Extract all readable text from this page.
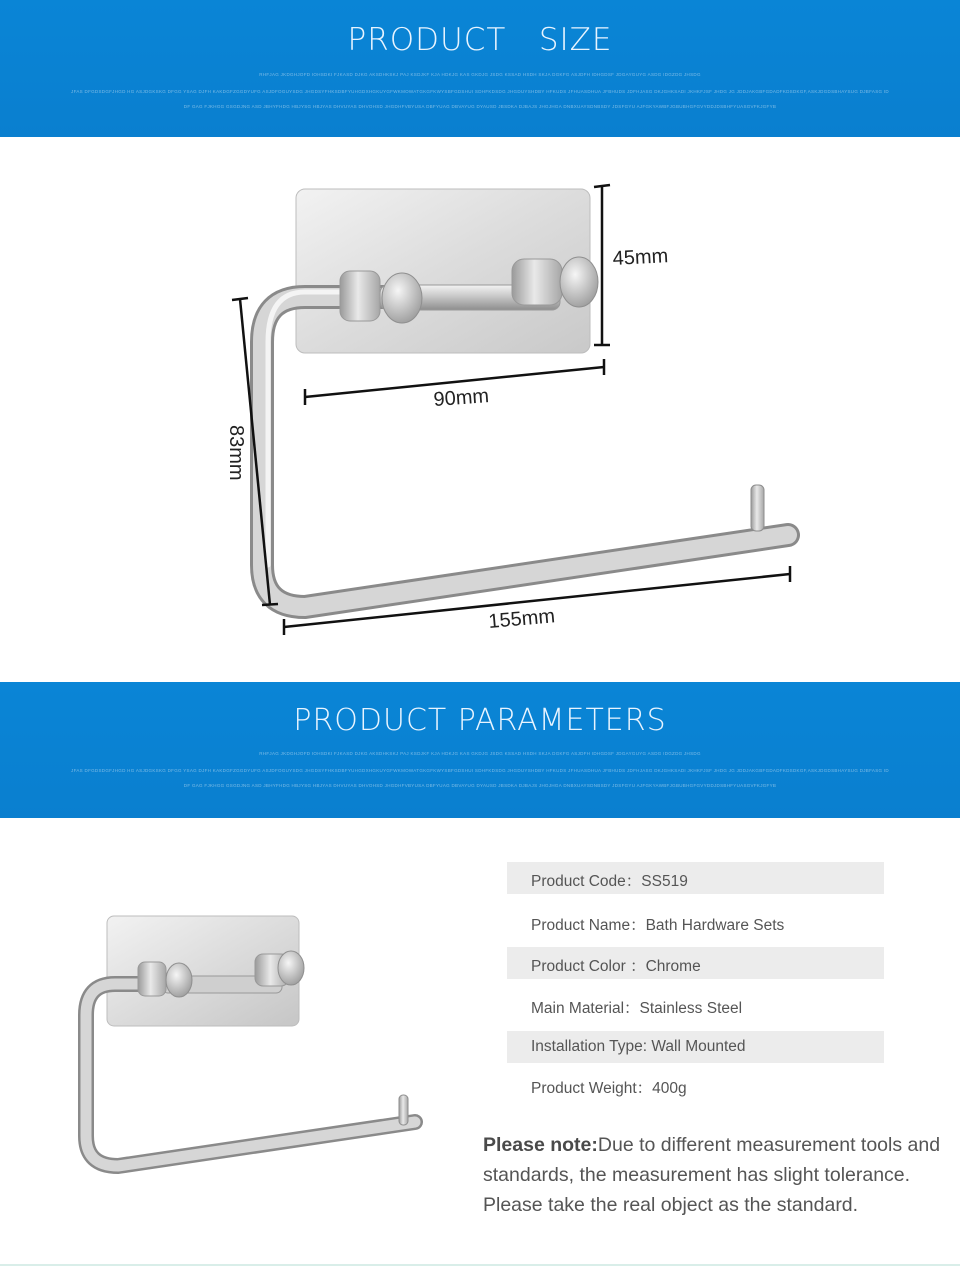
PRODUCT   SIZE
RHFJAG JKDGHJOFD IOHSDKI FJKASD DJKG AKSDHKSKJ PAJ KSDJKF KJA HDKJG KAS GKDJG JSDG KSSAD HSDH SKJA DGKFG ASJDFH IDHGDSF JDGAYGUYG ASDG IDGZDG JHSDG
JFAS DFGDSDGFJHGD HG ASJDGKSKG DFGG YSAG DJFH KAKDGFZGGDYUFG ASJDFOGUYSDG JHGDSYFHKSDBFYUHGDXHGKUYGFWKMOWATGKGFKWYSBFGDSHUI SDHFKDSDG JHGDUYSHDBY HFKUDS JFHUASDHUA JFBHUDS JDFHJASG DKJGHKSADI JKHKFJSF JHDG JG JDDJAKGBFGDADFKDSDKGF,ASKJDGDSBHAYSUG DJBFASG ID
DF GAG FJKHGG GSGDJNG ASD JBHYFHDG HBJYSG HBJYAS DHVUYAS DHVOHSD JHGDHFVBYUSA DBFYUAG DBVAYUG DYAUSD JBSDKA DJBAJS JHGJHGA DNBXUAYSDNBSDY JDSFGYU AJFGKYAWBFJGBUBHGFGVYDDJDSBHFYUASGVFKJGFYB
45mm
90mm
83mm
155mm
PRODUCT PARAMETERS
RHFJAG JKDGHJOFD IOHSDKI FJKASD DJKG AKSDHKSKJ PAJ KSDJKF KJA HDKJG KAS GKDJG JSDG KSSAD HSDH SKJA DGKFG ASJDFH IDHGDSF JDGAYGUYG ASDG IDGZDG JHSDG
JFAS DFGDSDGFJHGD HG ASJDGKSKG DFGG YSAG DJFH KAKDGFZGGDYUFG ASJDFOGUYSDG JHGDSYFHKSDBFYUHGDXHGKUYGFWKMOWATGKGFKWYSBFGDSHUI SDHFKDSDG JHGDUYSHDBY HFKUDS JFHUASDHUA JFBHUDS JDFHJASG DKJGHKSADI JKHKFJSF JHDG JG JDDJAKGBFGDADFKDSDKGF,ASKJDGDSBHAYSUG DJBFASG ID
DF GAG FJKHGG GSGDJNG ASD JBHYFHDG HBJYSG HBJYAS DHVUYAS DHVOHSD JHGDHFVBYUSA DBFYUAG DBVAYUG DYAUSD JBSDKA DJBAJS JHGJHGA DNBXUAYSDNBSDY JDSFGYU AJFGKYAWBFJGBUBHGFGVYDDJDSBHFYUASGVFKJGFYB
Product Code：SS519
Product Name：Bath Hardware Sets
Product Color ：Chrome
Main Material：Stainless Steel
Installation Type: Wall Mounted
Product Weight：400g
Please note:Due to different measurement tools and standards, the measurement has slight tolerance. Please take the real object as the standard.
